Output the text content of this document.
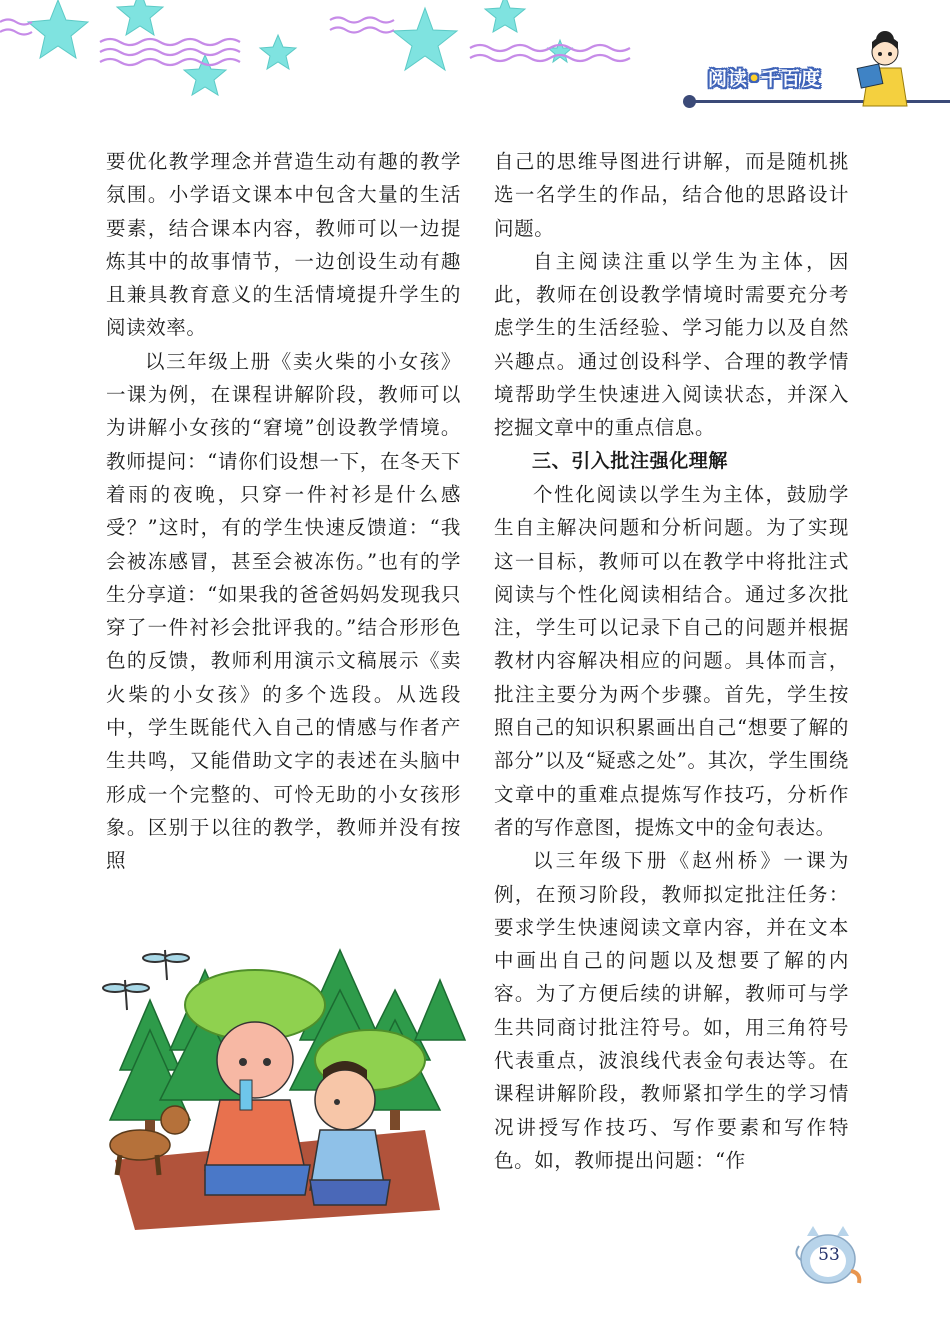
阅读•千百度

要优化教学理念并营造生动有趣的教学氛围。小学语文课本中包含大量的生活要素，结合课本内容，教师可以一边提炼其中的故事情节，一边创设生动有趣且兼具教育意义的生活情境提升学生的阅读效率。

以三年级上册《卖火柴的小女孩》一课为例，在课程讲解阶段，教师可以为讲解小女孩的“窘境”创设教学情境。教师提问：“请你们设想一下，在冬天下着雨的夜晚，只穿一件衬衫是什么感受？”这时，有的学生快速反馈道：“我会被冻感冒，甚至会被冻伤。”也有的学生分享道：“如果我的爸爸妈妈发现我只穿了一件衬衫会批评我的。”结合形形色色的反馈，教师利用演示文稿展示《卖火柴的小女孩》的多个选段。从选段中，学生既能代入自己的情感与作者产生共鸣，又能借助文字的表述在头脑中形成一个完整的、可怜无助的小女孩形象。区别于以往的教学，教师并没有按照

自己的思维导图进行讲解，而是随机挑选一名学生的作品，结合他的思路设计问题。

自主阅读注重以学生为主体，因此，教师在创设教学情境时需要充分考虑学生的生活经验、学习能力以及自然兴趣点。通过创设科学、合理的教学情境帮助学生快速进入阅读状态，并深入挖掘文章中的重点信息。

三、引入批注强化理解

个性化阅读以学生为主体，鼓励学生自主解决问题和分析问题。为了实现这一目标，教师可以在教学中将批注式阅读与个性化阅读相结合。通过多次批注，学生可以记录下自己的问题并根据教材内容解决相应的问题。具体而言，批注主要分为两个步骤。首先，学生按照自己的知识积累画出自己“想要了解的部分”以及“疑惑之处”。其次，学生围绕文章中的重难点提炼写作技巧，分析作者的写作意图，提炼文中的金句表达。

以三年级下册《赵州桥》一课为例，在预习阶段，教师拟定批注任务：要求学生快速阅读文章内容，并在文本中画出自己的问题以及想要了解的内容。为了方便后续的讲解，教师可与学生共同商讨批注符号。如，用三角符号代表重点，波浪线代表金句表达等。在课程讲解阶段，教师紧扣学生的学习情况讲授写作技巧、写作要素和写作特色。如，教师提出问题：“作

53
